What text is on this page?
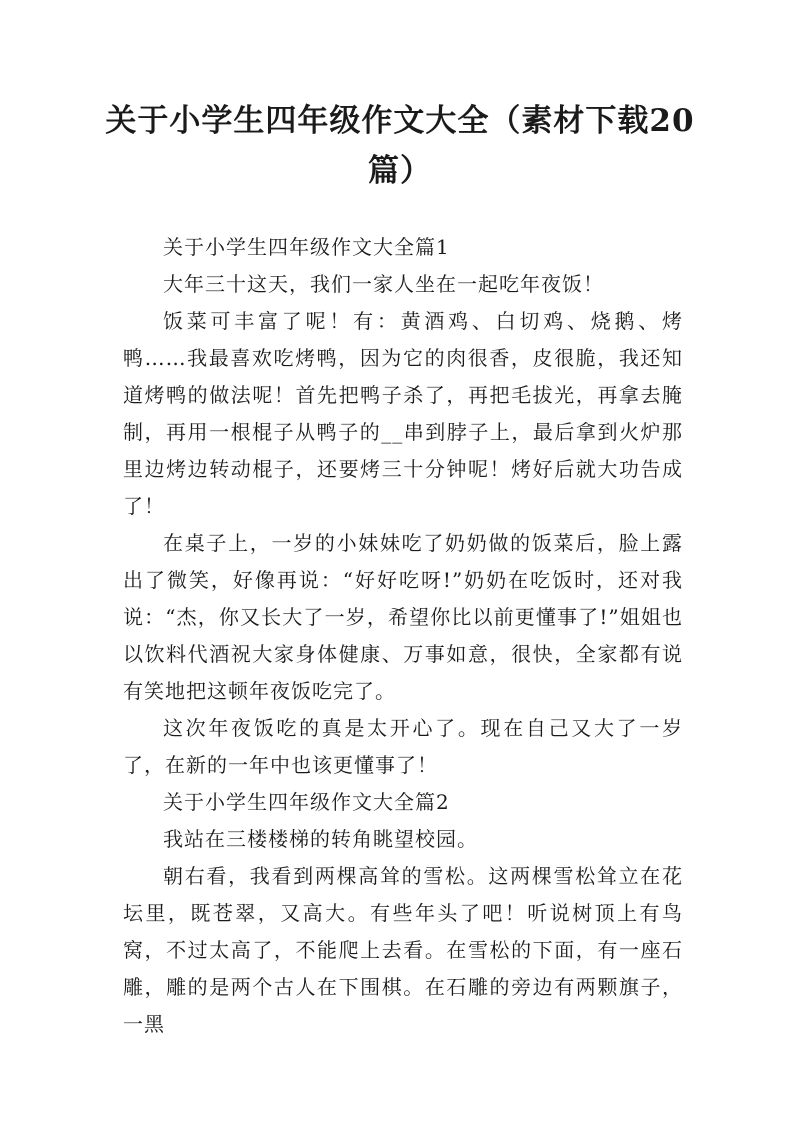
关于小学生四年级作文大全（素材下载20篇）

关于小学生四年级作文大全篇1

大年三十这天，我们一家人坐在一起吃年夜饭！

饭菜可丰富了呢！有：黄酒鸡、白切鸡、烧鹅、烤鸭……我最喜欢吃烤鸭，因为它的肉很香，皮很脆，我还知道烤鸭的做法呢！首先把鸭子杀了，再把毛拔光，再拿去腌制，再用一根棍子从鸭子的__串到脖子上，最后拿到火炉那里边烤边转动棍子，还要烤三十分钟呢！烤好后就大功告成了！

在桌子上，一岁的小妹妹吃了奶奶做的饭菜后，脸上露出了微笑，好像再说：“好好吃呀!”奶奶在吃饭时，还对我说：“杰，你又长大了一岁，希望你比以前更懂事了!”姐姐也以饮料代酒祝大家身体健康、万事如意，很快，全家都有说有笑地把这顿年夜饭吃完了。

这次年夜饭吃的真是太开心了。现在自己又大了一岁了，在新的一年中也该更懂事了！

关于小学生四年级作文大全篇2

我站在三楼楼梯的转角眺望校园。

朝右看，我看到两棵高耸的雪松。这两棵雪松耸立在花坛里，既苍翠，又高大。有些年头了吧！听说树顶上有鸟窝，不过太高了，不能爬上去看。在雪松的下面，有一座石雕，雕的是两个古人在下围棋。在石雕的旁边有两颗旗子，一黑
